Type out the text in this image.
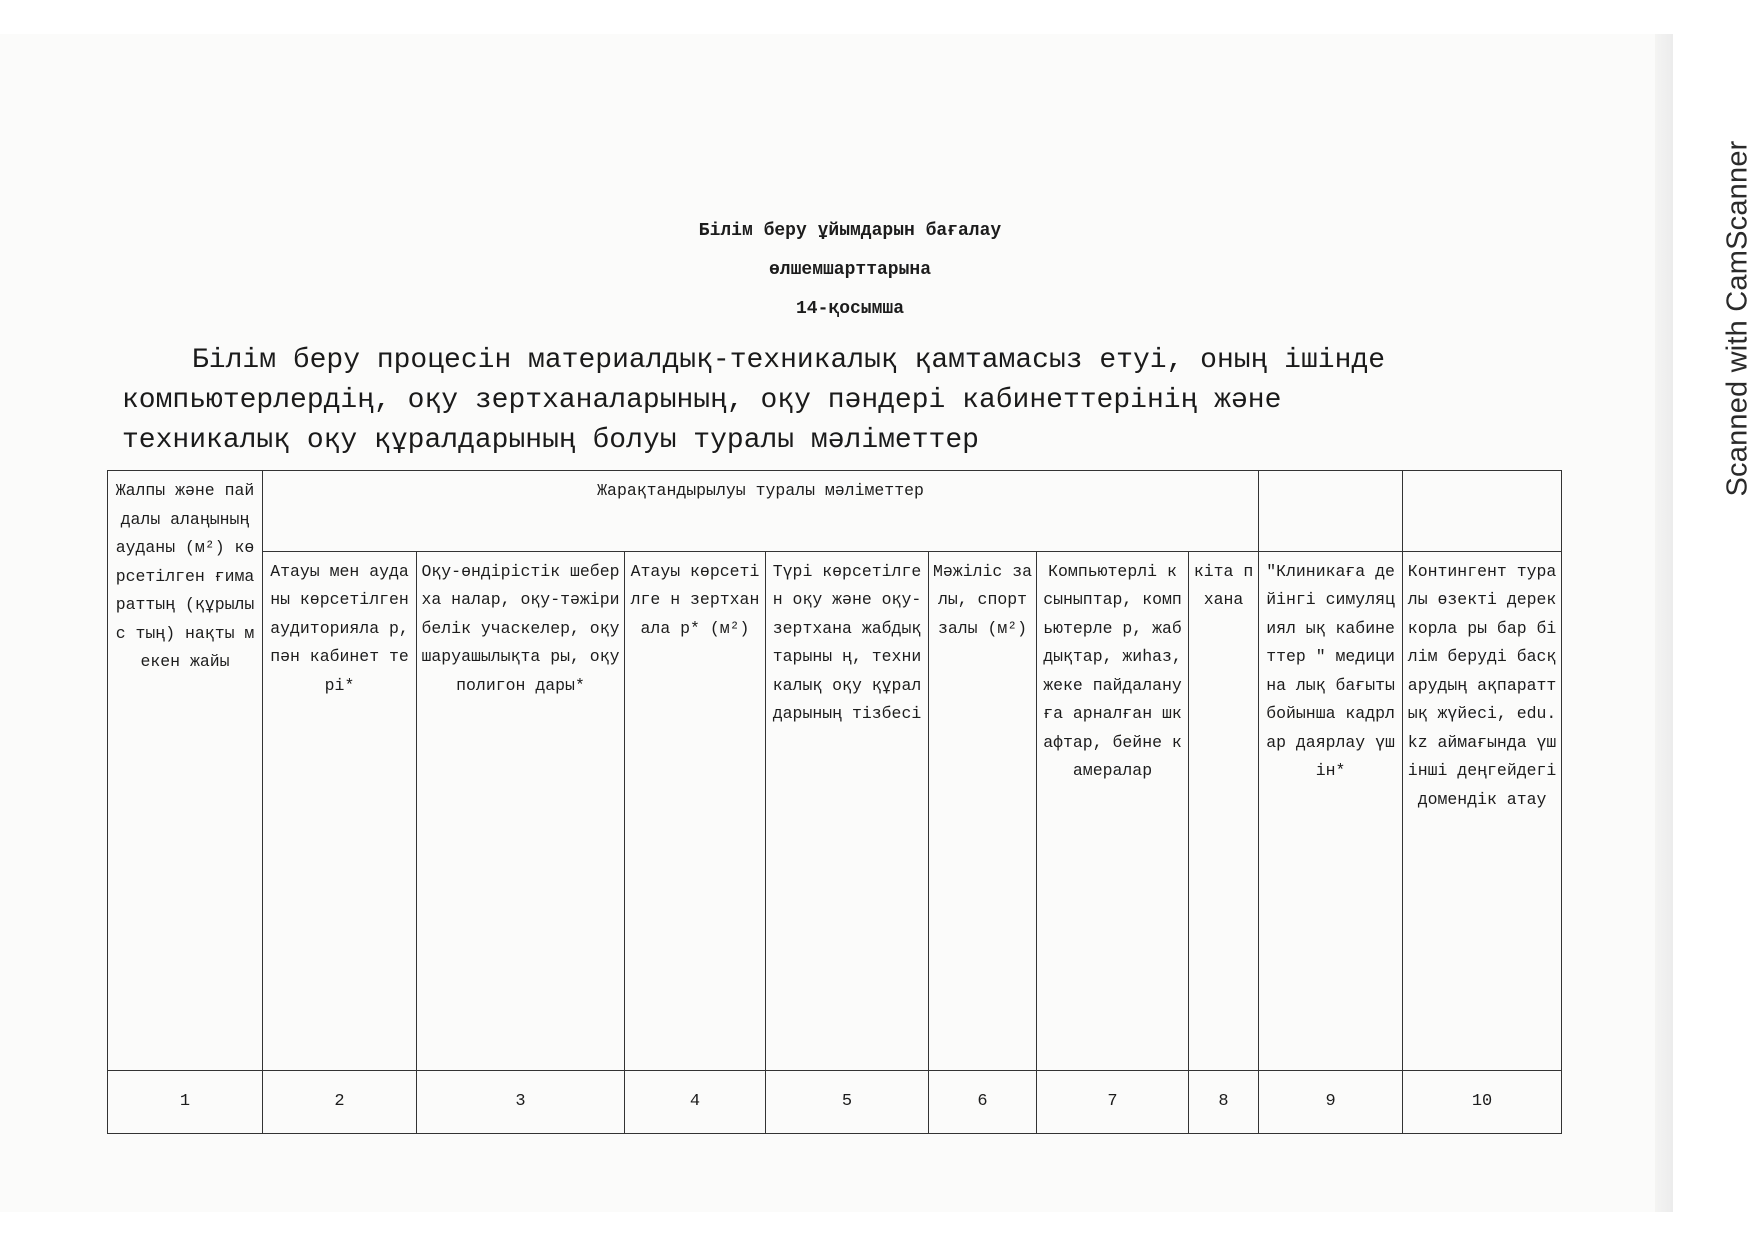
Scanned with CamScanner
Білім беру ұйымдарын бағалау
өлшемшарттарына
14-қосымша
Білім беру процесін материалдық-техникалық қамтамасыз етуі, оның ішінде
компьютерлердің, оқу зертханаларының, оқу пәндері кабинеттерінің және
техникалық оқу құралдарының болуы туралы мәліметтер
Жалпы және пайдалы алаңының ауданы (м²) көрсетілген ғимараттың (құрылыс тың) нақты мекен жайы	Жарақтандырылуы туралы мәліметтер								
	Атауы мен ауданы көрсетілген аудиторияла р, пән кабинет тері*	Оқу-өндірістік шеберха налар, оқу-тәжірибелік учаскелер, оқушаруашылықта ры, оқу полигон дары*	Атауы көрсетілге н зертханала р* (м²)	Түрі көрсетілген оқу және оқу-зертхана жабдықтарыны ң, техникалық оқу құралдарының тізбесі	Мәжіліс залы, спорт залы (м²)	Компьютерлі к сыныптар, компьютерле р, жабдықтар, жиһаз, жеке пайдалануға арналған шкафтар, бейне камералар	кіта п хана	"Клиникаға дейінгі симуляциял ық кабинеттер " медицина лық бағыты бойынша кадрлар даярлау үшін*	Контингент туралы өзекті дереккорла ры бар білім беруді басқарудың ақпараттық жүйесі, edu. kz аймағында үшінші деңгейдегі домендік атау
1	2	3	4	5	6	7	8	9	10
